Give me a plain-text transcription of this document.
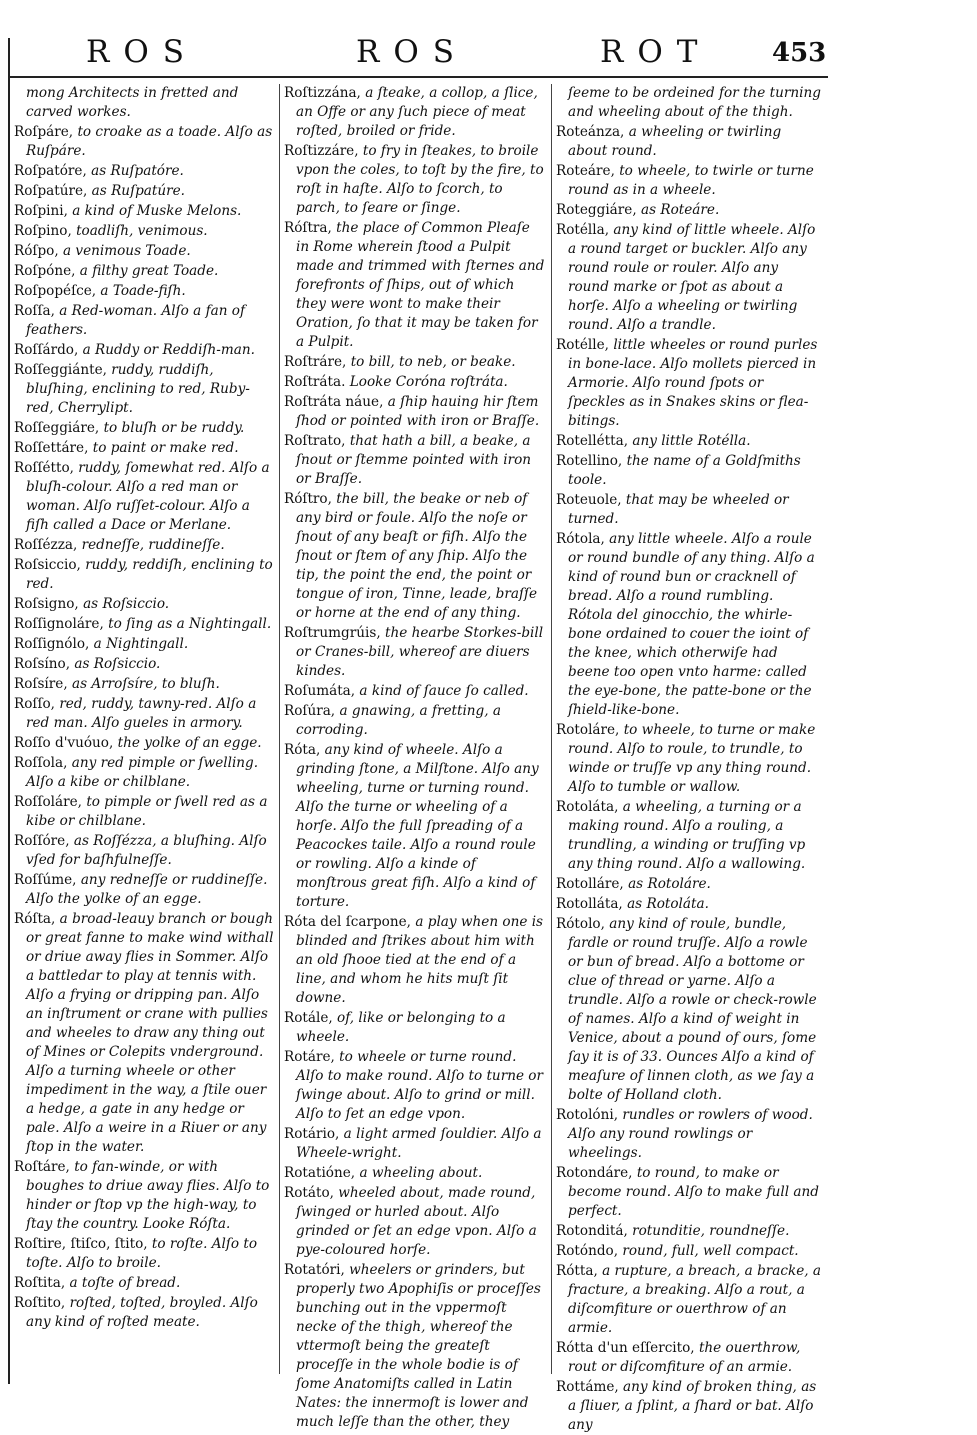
ROS	ROS	ROT 453
mong Architects in fretted and carved workes.
Roſpáre, to croake as a toade. Alſo as Ruſpáre.
Roſpatóre, as Ruſpatóre.
Roſpatúre, as Ruſpatúre.
Roſpini, a kind of Muske Melons.
Roſpino, toadliſh, venimous.
Róſpo, a venimous Toade.
Roſpóne, a filthy great Toade.
Roſpopéſce, a Toade-fiſh.
Roſſa, a Red-woman. Alſo a fan of feathers.
Roſſárdo, a Ruddy or Reddiſh-man.
Roſſeggiánte, ruddy, ruddiſh, bluſhing, enclining to red, Ruby-red, Cherrylipt.
Roſſeggiáre, to bluſh or be ruddy.
Roſſettáre, to paint or make red.
Roſſétto, ruddy, ſomewhat red. Alſo a bluſh-colour. Alſo a red man or woman. Alſo ruſſet-colour. Alſo a fiſh called a Dace or Merlane.
Roſſézza, redneſſe, ruddineſſe.
Roſsiccio, ruddy, reddiſh, enclining to red.
Roſsigno, as Roſsiccio.
Roſſignoláre, to ſing as a Nightingall.
Roſſignólo, a Nightingall.
Roſsíno, as Roſsiccio.
Roſsíre, as Arroſsíre, to bluſh.
Roſſo, red, ruddy, tawny-red. Alſo a red man. Alſo gueles in armory.
Roſſo d'vuóuo, the yolke of an egge.
Roſſola, any red pimple or ſwelling. Alſo a kibe or chilblane.
Roſſoláre, to pimple or ſwell red as a kibe or chilblane.
Roſſóre, as Roſſézza, a bluſhing. Alſo vſed for baſhfulneſſe.
Roſſúme, any redneſſe or ruddineſſe. Alſo the yolke of an egge.
Róſta, a broad-leauy branch or bough or great fanne to make wind withall or driue away flies in Sommer. Alſo a battledar to play at tennis with. Alſo a frying or dripping pan. Alſo an inſtrument or crane with pullies and wheeles to draw any thing out of Mines or Colepits vnderground. Alſo a turning wheele or other impediment in the way, a ſtile ouer a hedge, a gate in any hedge or pale. Alſo a weire in a Riuer or any ſtop in the water.
Roſtáre, to fan-winde, or with boughes to driue away flies. Alſo to hinder or ſtop vp the high-way, to ſtay the country. Looke Róſta.
Roſtire, ſtiſco, ſtito, to roſte. Alſo to toſte. Alſo to broile.
Roſtita, a toſte of bread.
Roſtito, roſted, toſted, broyled. Alſo any kind of roſted meate.
Roſtizzána, a ſteake, a collop, a ſlice, an Offe or any ſuch piece of meat roſted, broiled or fride.
Roſtizzáre, to fry in ſteakes, to broile vpon the coles, to toſt by the fire, to roſt in haſte. Alſo to ſcorch, to parch, to ſeare or ſinge.
Róſtra, the place of Common Pleaſe in Rome wherein ſtood a Pulpit made and trimmed with ſternes and forefronts of ſhips, out of which they were wont to make their Oration, ſo that it may be taken for a Pulpit.
Roſtráre, to bill, to neb, or beake.
Roſtráta. Looke Coróna roſtráta.
Roſtráta náue, a ſhip hauing hir ſtem ſhod or pointed with iron or Braſſe.
Roſtrato, that hath a bill, a beake, a ſnout or ſtemme pointed with iron or Braſſe.
Róſtro, the bill, the beake or neb of any bird or foule. Alſo the noſe or ſnout of any beaſt or fiſh. Alſo the ſnout or ſtem of any ſhip. Alſo the tip, the point the end, the point or tongue of iron, Tinne, leade, braſſe or horne at the end of any thing.
Roſtrumgrúis, the hearbe Storkes-bill or Cranes-bill, whereof are diuers kindes.
Roſumáta, a kind of ſauce ſo called.
Roſúra, a gnawing, a fretting, a corroding.
Róta, any kind of wheele. Alſo a grinding ſtone, a Milſtone. Alſo any wheeling, turne or turning round. Alſo the turne or wheeling of a horſe. Alſo the full ſpreading of a Peacockes taile. Alſo a round roule or rowling. Alſo a kinde of monſtrous great fiſh. Alſo a kind of torture.
Róta del ſcarpone, a play when one is blinded and ſtrikes about him with an old ſhooe tied at the end of a line, and whom he hits muſt ſit downe.
Rotále, of, like or belonging to a wheele.
Rotáre, to wheele or turne round. Alſo to make round. Alſo to turne or ſwinge about. Alſo to grind or mill. Alſo to ſet an edge vpon.
Rotário, a light armed ſouldier. Alſo a Wheele-wright.
Rotatióne, a wheeling about.
Rotáto, wheeled about, made round, ſwinged or hurled about. Alſo grinded or ſet an edge vpon. Alſo a pye-coloured horſe.
Rotatóri, wheelers or grinders, but properly two Apophiſis or proceſſes bunching out in the vppermoſt necke of the thigh, whereof the vttermoſt being the greateſt proceſſe in the whole bodie is of ſome Anatomiſts called in Latin Nates: the innermoſt is lower and much leſſe than the other, they
ſeeme to be ordeined for the turning and wheeling about of the thigh.
Roteánza, a wheeling or twirling about round.
Roteáre, to wheele, to twirle or turne round as in a wheele.
Roteggiáre, as Roteáre.
Rotélla, any kind of little wheele. Alſo a round target or buckler. Alſo any round roule or rouler. Alſo any round marke or ſpot as about a horſe. Alſo a wheeling or twirling round. Alſo a trandle.
Rotélle, little wheeles or round purles in bone-lace. Alſo mollets pierced in Armorie. Alſo round ſpots or ſpeckles as in Snakes skins or flea-bitings.
Rotellétta, any little Rotélla.
Rotellino, the name of a Goldſmiths toole.
Roteuole, that may be wheeled or turned.
Rótola, any little wheele. Alſo a roule or round bundle of any thing. Alſo a kind of round bun or cracknell of bread. Alſo a round rumbling. Rótola del ginocchio, the whirle-bone ordained to couer the ioint of the knee, which otherwiſe had beene too open vnto harme: called the eye-bone, the patte-bone or the ſhield-like-bone.
Rotoláre, to wheele, to turne or make round. Alſo to roule, to trundle, to winde or truſſe vp any thing round. Alſo to tumble or wallow.
Rotoláta, a wheeling, a turning or a making round. Alſo a rouling, a trundling, a winding or truſſing vp any thing round. Alſo a wallowing.
Rotolláre, as Rotoláre.
Rotolláta, as Rotoláta.
Rótolo, any kind of roule, bundle, fardle or round truſſe. Alſo a rowle or bun of bread. Alſo a bottome or clue of thread or yarne. Alſo a trundle. Alſo a rowle or check-rowle of names. Alſo a kind of weight in Venice, about a pound of ours, ſome ſay it is of 33. Ounces Alſo a kind of meaſure of linnen cloth, as we ſay a bolte of Holland cloth.
Rotolóni, rundles or rowlers of wood. Alſo any round rowlings or wheelings.
Rotondáre, to round, to make or become round. Alſo to make full and perfect.
Rotonditá, rotunditie, roundneſſe.
Rotóndo, round, full, well compact.
Rótta, a rupture, a breach, a bracke, a fracture, a breaking. Alſo a rout, a diſcomfiture or ouerthrow of an armie.
Rótta d'un eſſercito, the ouerthrow, rout or diſcomfiture of an armie.
Rottáme, any kind of broken thing, as a ſliuer, a ſplint, a ſhard or bat. Alſo any
